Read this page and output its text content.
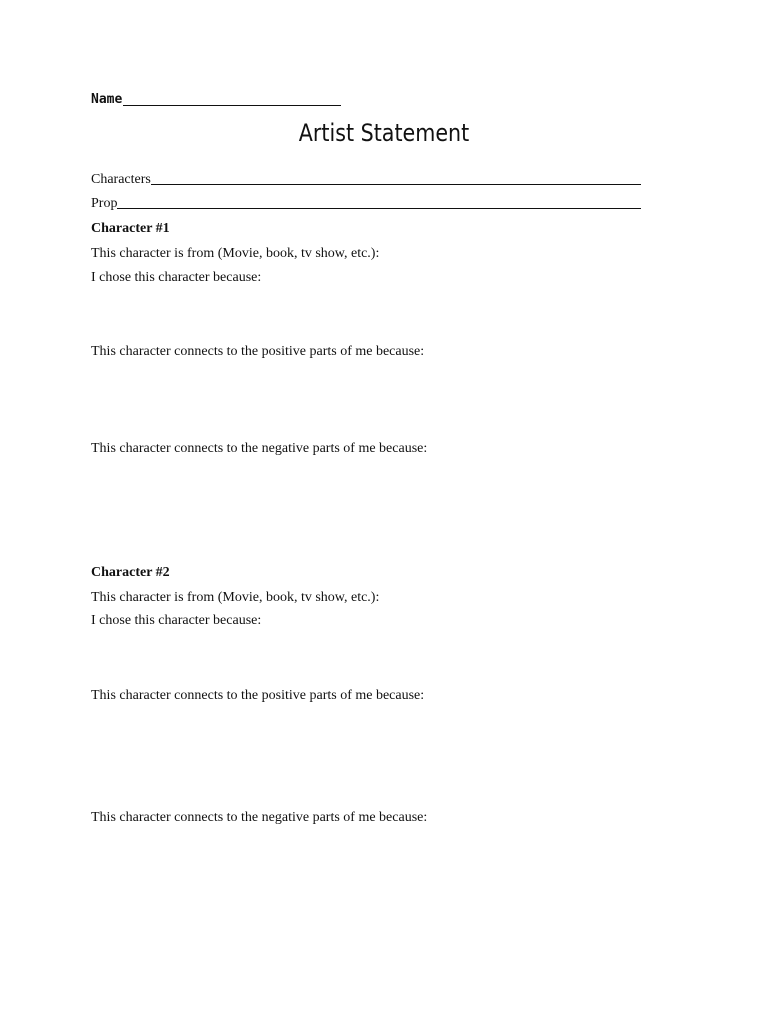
Name
Artist Statement
Characters
Prop
Character #1
This character is from (Movie, book, tv show, etc.):
I chose this character because:
This character connects to the positive parts of me because:
This character connects to the negative parts of me because:
Character #2
This character is from (Movie, book, tv show, etc.):
I chose this character because:
This character connects to the positive parts of me because:
This character connects to the negative parts of me because:
